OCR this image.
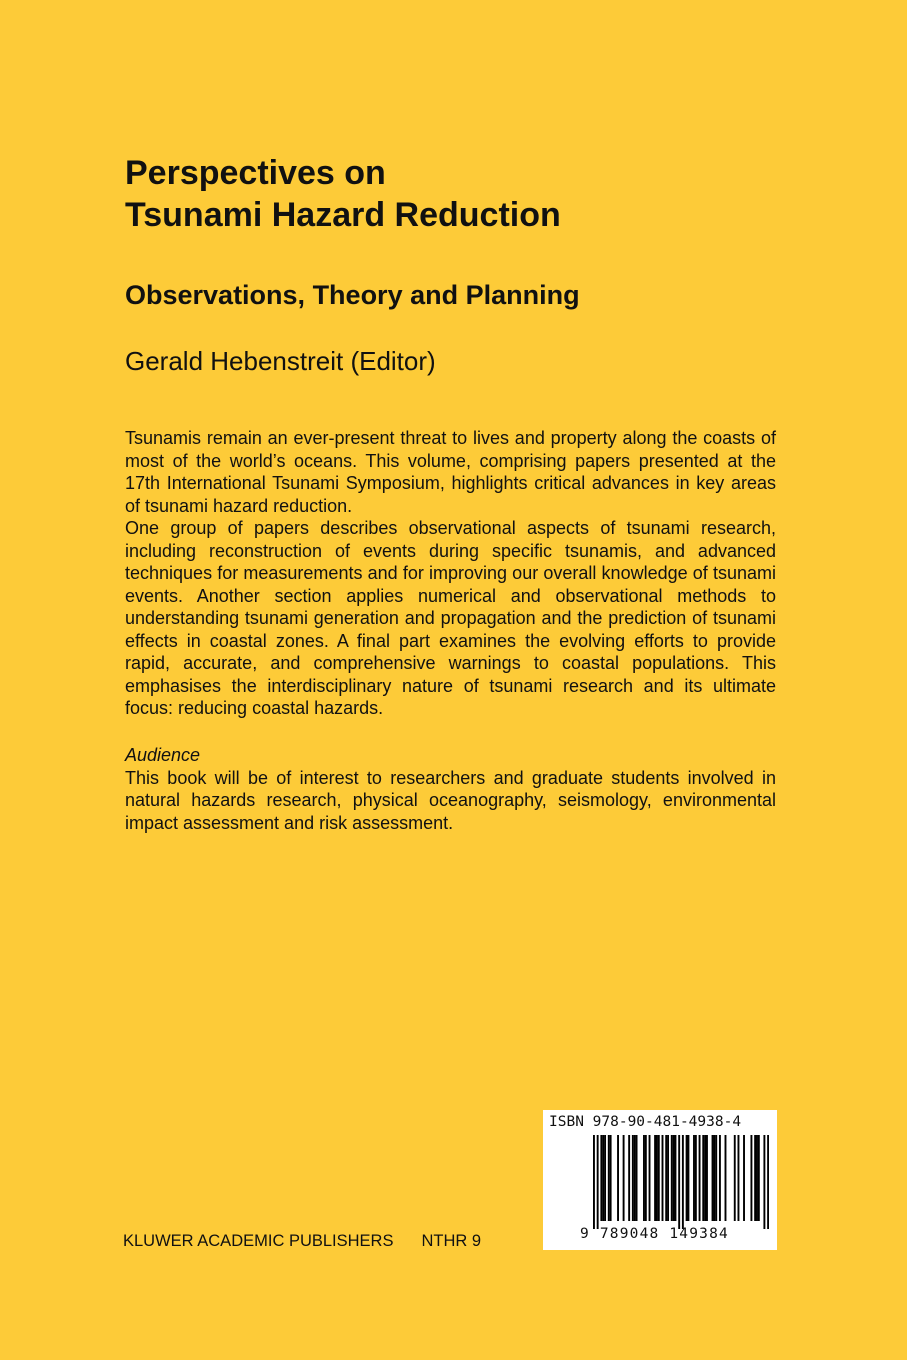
Perspectives on
Tsunami Hazard Reduction
Observations, Theory and Planning
Gerald Hebenstreit (Editor)

Tsunamis remain an ever-present threat to lives and property along the coasts of most of the world’s oceans. This volume, comprising papers presented at the 17th International Tsunami Symposium, highlights critical advances in key areas of tsunami hazard reduction.

One group of papers describes observational aspects of tsunami research, including reconstruction of events during specific tsunamis, and advanced techniques for measurements and for improving our overall knowledge of tsunami events. Another section applies numerical and observational methods to understanding tsunami generation and propagation and the prediction of tsunami effects in coastal zones. A final part examines the evolving efforts to provide rapid, accurate, and comprehensive warnings to coastal populations. This emphasises the interdisciplinary nature of tsunami research and its ultimate focus: reducing coastal hazards.

Audience

This book will be of interest to researchers and graduate students involved in natural hazards research, physical oceanography, seismology, environmental impact assessment and risk assessment.

KLUWER ACADEMIC PUBLISHERS NTHR 9
ISBN 978-90-481-4938-4
9 789048 149384
